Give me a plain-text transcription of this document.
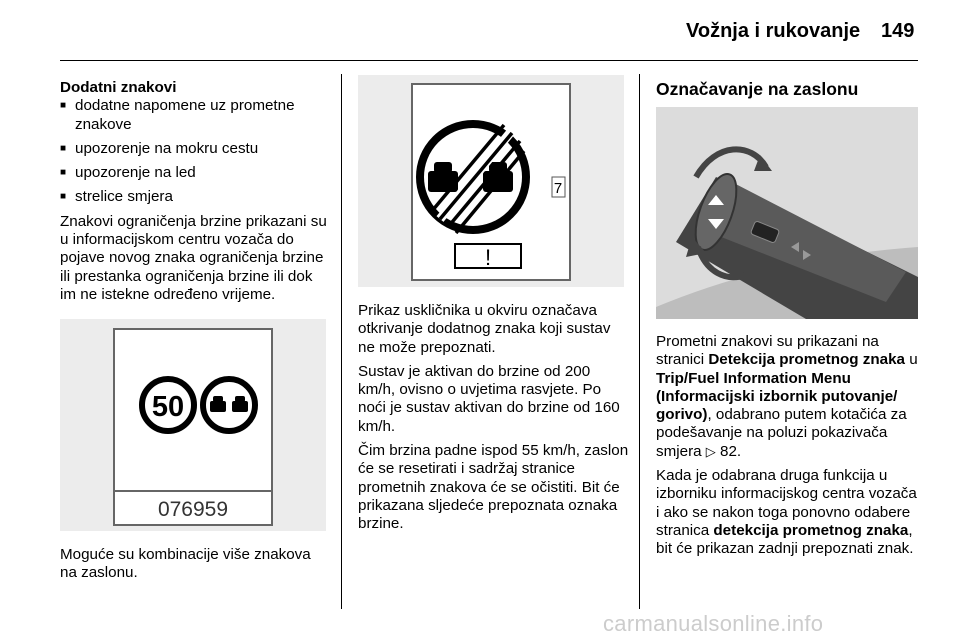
Vožnja i rukovanje 149

Dodatni znakovi

■ dodatne napomene uz prometne znakove
■ upozorenje na mokru cestu
■ upozorenje na led
■ strelice smjera

Znakovi ograničenja brzine prikazani su u informacijskom centru vozača do pojave novog znaka ograničenja brzine ili prestanka ograničenja brzine ili dok im ne istekne određeno vrijeme.

50
076959

Moguće su kombinacije više znakova na zaslonu.

7
!

Prikaz uskličnika u okviru označava otkrivanje dodatnog znaka koji sustav ne može prepoznati.

Sustav je aktivan do brzine od 200 km/h, ovisno o uvjetima rasvjete. Po noći je sustav aktivan do brzine od 160 km/h.

Čim brzina padne ispod 55 km/h, zaslon će se resetirati i sadržaj stranice prometnih znakova će se očistiti. Bit će prikazana sljedeće prepoznata oznaka brzine.

Označavanje na zaslonu

Prometni znakovi su prikazani na stranici Detekcija prometnog znaka u Trip/Fuel Information Menu (Informacijski izbornik putovanje/ gorivo), odabrano putem kotačića za podešavanje na poluzi pokazivača smjera ▷ 82.

Kada je odabrana druga funkcija u izborniku informacijskog centra vozača i ako se nakon toga ponovno odabere stranica detekcija prometnog znaka, bit će prikazan zadnji prepoznati znak.

carmanualsonline.info
